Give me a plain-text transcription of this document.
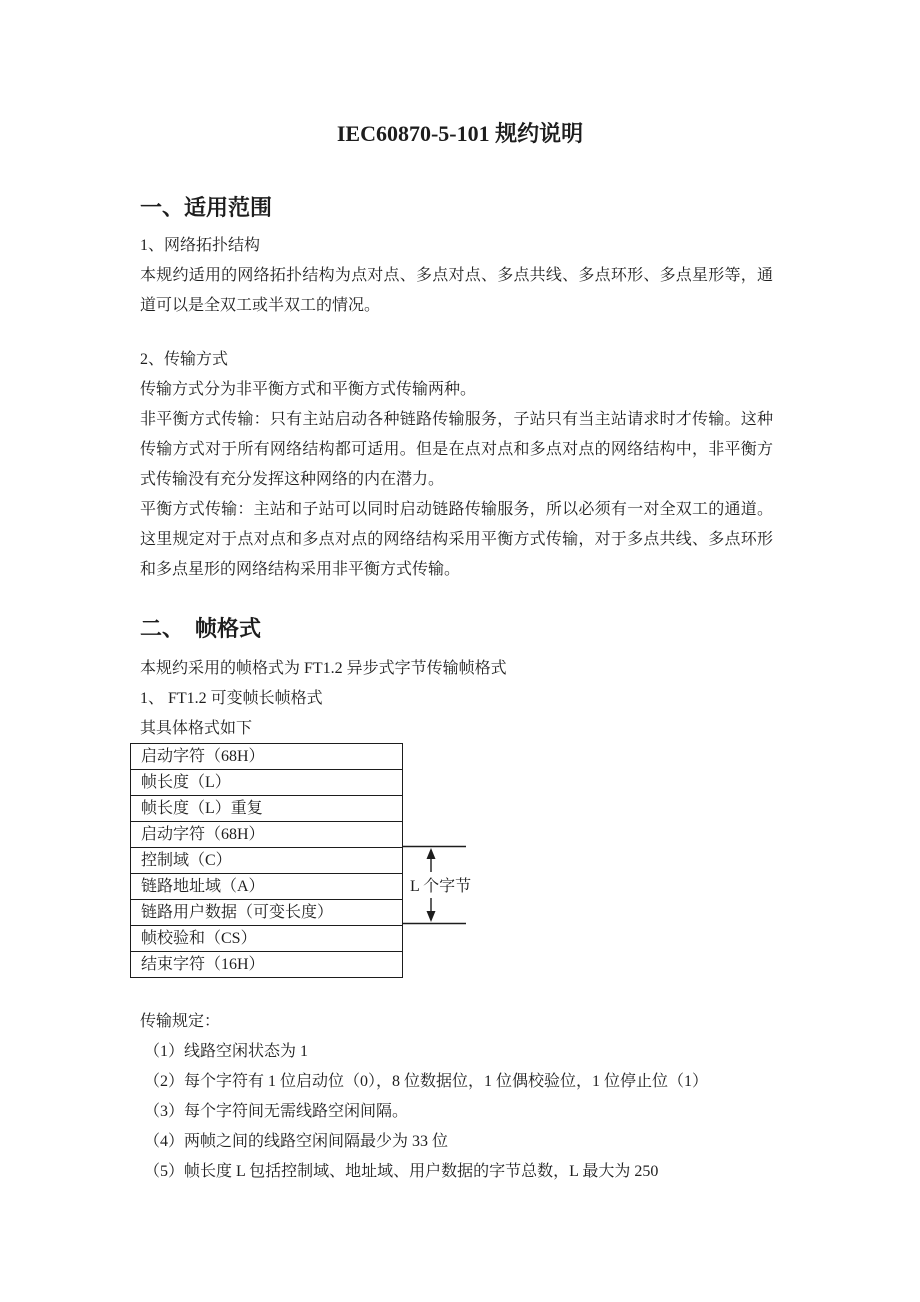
IEC60870-5-101 规约说明
一、适用范围

1、网络拓扑结构

本规约适用的网络拓扑结构为点对点、多点对点、多点共线、多点环形、多点星形等，通道可以是全双工或半双工的情况。

2、传输方式

传输方式分为非平衡方式和平衡方式传输两种。

非平衡方式传输：只有主站启动各种链路传输服务，子站只有当主站请求时才传输。这种传输方式对于所有网络结构都可适用。但是在点对点和多点对点的网络结构中，非平衡方式传输没有充分发挥这种网络的内在潜力。

平衡方式传输：主站和子站可以同时启动链路传输服务，所以必须有一对全双工的通道。这里规定对于点对点和多点对点的网络结构采用平衡方式传输，对于多点共线、多点环形和多点星形的网络结构采用非平衡方式传输。

二、　帧格式

本规约采用的帧格式为 FT1.2 异步式字节传输帧格式

1、 FT1.2 可变帧长帧格式

其具体格式如下

启动字符（68H）
帧长度（L）
帧长度（L）重复
启动字符（68H）
控制域（C）
链路地址域（A）
链路用户数据（可变长度）
帧校验和（CS）
结束字符（16H）
L 个字节

传输规定：

（1）线路空闲状态为 1

（2）每个字符有 1 位启动位（0），8 位数据位，1 位偶校验位，1 位停止位（1）

（3）每个字符间无需线路空闲间隔。

（4）两帧之间的线路空闲间隔最少为 33 位

（5）帧长度 L 包括控制域、地址域、用户数据的字节总数，L 最大为 250
